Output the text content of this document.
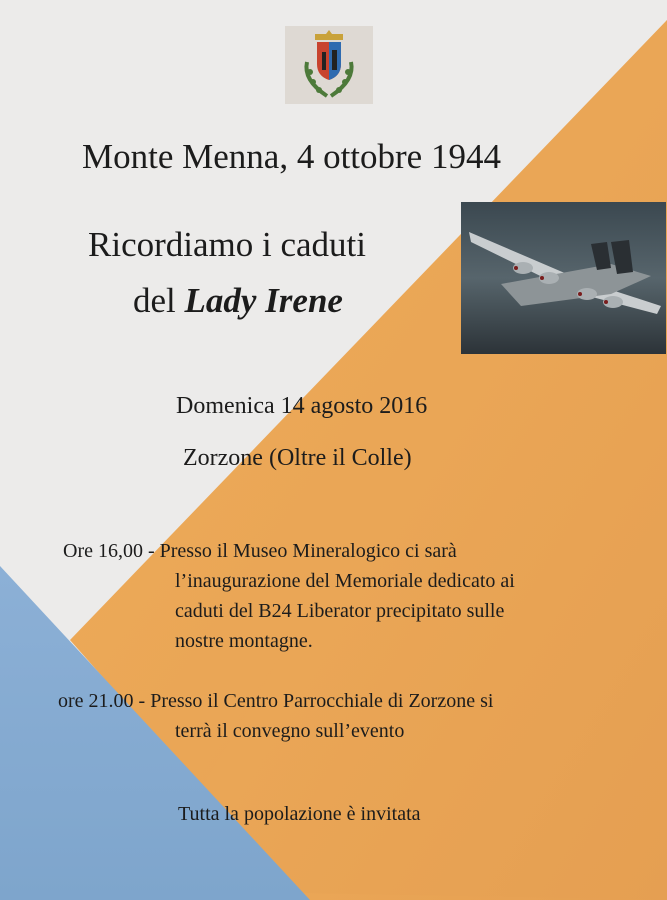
Monte Menna, 4 ottobre 1944
Ricordiamo i caduti
del Lady Irene
Domenica 14 agosto 2016
Zorzone (Oltre il Colle)
Ore 16,00 - Presso il Museo Mineralogico ci sarà
l’inaugurazione del Memoriale dedicato ai
caduti del B24 Liberator precipitato sulle
nostre montagne.
ore 21.00 - Presso il Centro Parrocchiale di Zorzone si
terrà il convegno sull’evento
Tutta la popolazione è invitata
